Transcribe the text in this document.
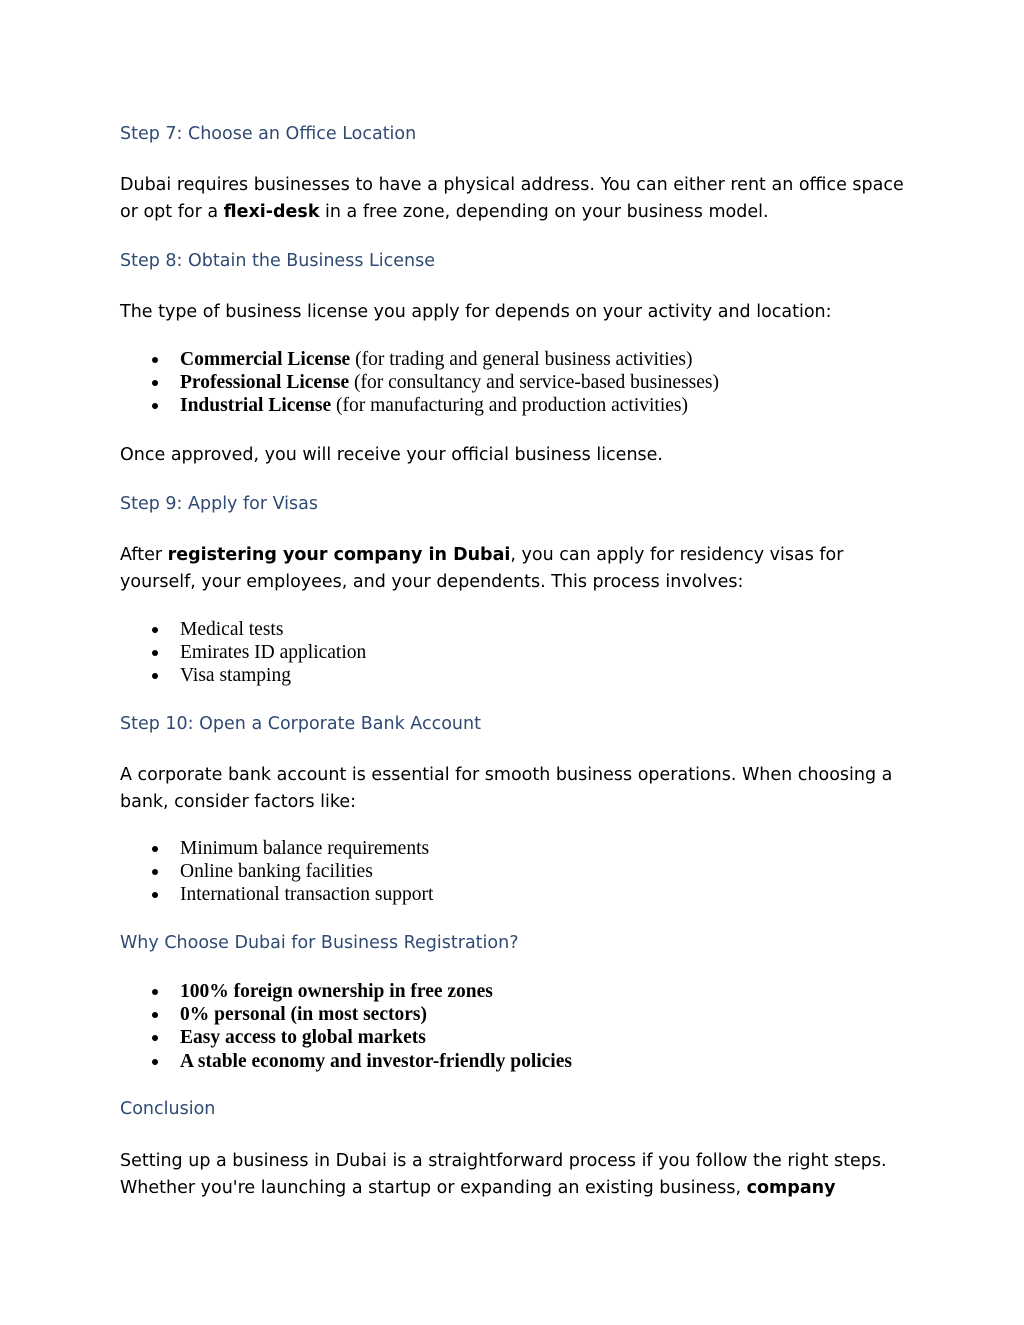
Step 7: Choose an Office Location

Dubai requires businesses to have a physical address. You can either rent an office space or opt for a flexi-desk in a free zone, depending on your business model.

Step 8: Obtain the Business License

The type of business license you apply for depends on your activity and location:

Commercial License (for trading and general business activities)
Professional License (for consultancy and service-based businesses)
Industrial License (for manufacturing and production activities)

Once approved, you will receive your official business license.

Step 9: Apply for Visas

After registering your company in Dubai, you can apply for residency visas for yourself, your employees, and your dependents. This process involves:

Medical tests
Emirates ID application
Visa stamping
Step 10: Open a Corporate Bank Account

A corporate bank account is essential for smooth business operations. When choosing a bank, consider factors like:

Minimum balance requirements
Online banking facilities
International transaction support
Why Choose Dubai for Business Registration?
100% foreign ownership in free zones
0% personal (in most sectors)
Easy access to global markets
A stable economy and investor-friendly policies
Conclusion

Setting up a business in Dubai is a straightforward process if you follow the right steps. Whether you're launching a startup or expanding an existing business, company
